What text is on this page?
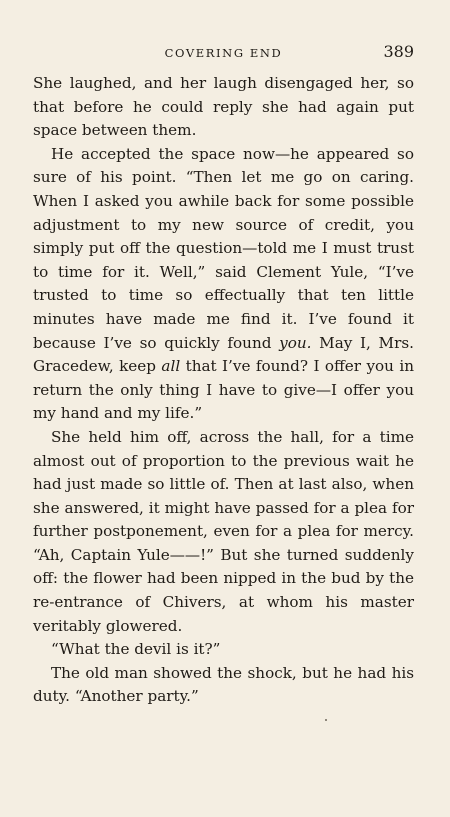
COVERING END	389

She laughed, and her laugh disengaged her, so that before he could reply she had again put space between them.

He accepted the space now—he appeared so sure of his point. “Then let me go on caring. When I asked you awhile back for some possible adjustment to my new source of credit, you simply put off the question—told me I must trust to time for it. Well,” said Clement Yule, “I’ve trusted to time so effectually that ten little minutes have made me find it. I’ve found it because I’ve so quickly found you. May I, Mrs. Gracedew, keep all that I’ve found? I offer you in return the only thing I have to give—I offer you my hand and my life.”

She held him off, across the hall, for a time almost out of proportion to the previous wait he had just made so little of. Then at last also, when she answered, it might have passed for a plea for further postponement, even for a plea for mercy. “Ah, Captain Yule——!” But she turned suddenly off: the flower had been nipped in the bud by the re-entrance of Chivers, at whom his master veritably glowered.

“What the devil is it?”

The old man showed the shock, but he had his duty. “Another party.”
